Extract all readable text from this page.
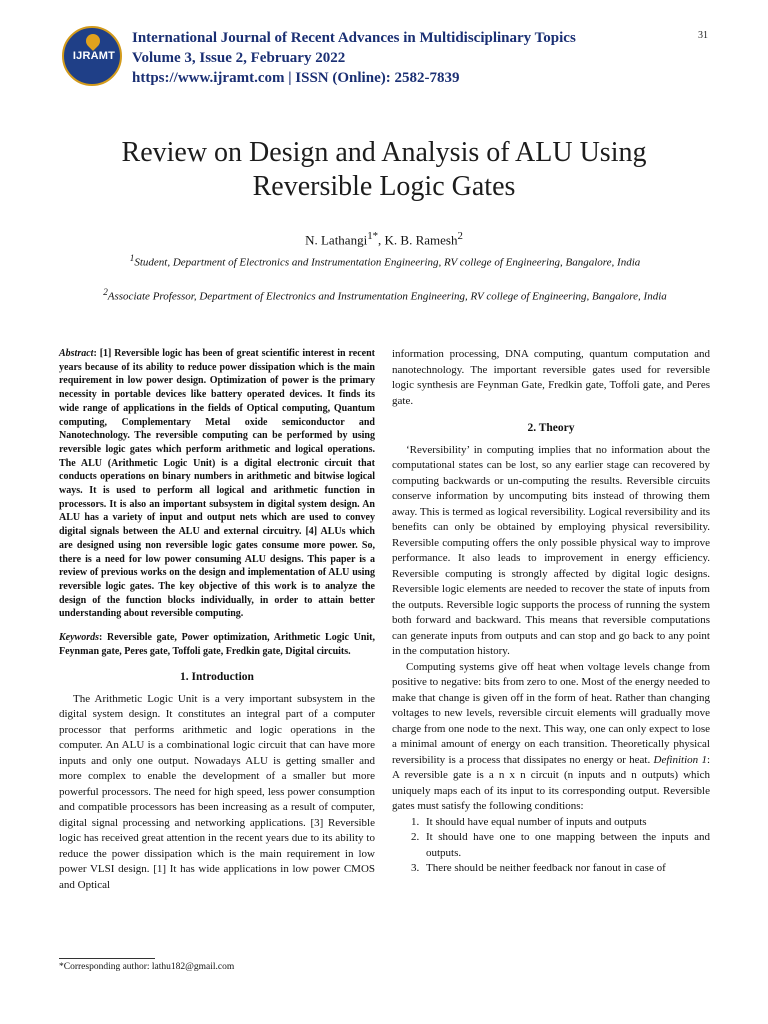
IJRAMT
International Journal of Recent Advances in Multidisciplinary Topics
Volume 3, Issue 2, February 2022
https://www.ijramt.com | ISSN (Online): 2582-7839
31
Review on Design and Analysis of ALU Using
Reversible Logic Gates
N. Lathangi$^{1*}$, K. B. Ramesh$^2$
$^1$Student, Department of Electronics and Instrumentation Engineering, RV college of Engineering, Bangalore, India
$^2$Associate Professor, Department of Electronics and Instrumentation Engineering, RV college of Engineering, Bangalore, India

Abstract: [1] Reversible logic has been of great scientific interest in recent years because of its ability to reduce power dissipation which is the main requirement in low power design. Optimization of power is the primary necessity in portable devices like battery operated devices. It finds its wide range of applications in the fields of Optical computing, Quantum computing, Complementary Metal oxide semiconductor and Nanotechnology. The reversible computing can be performed by using reversible logic gates which perform arithmetic and logical operations. The ALU (Arithmetic Logic Unit) is a digital electronic circuit that conducts operations on binary numbers in arithmetic and bitwise logical ways. It is used to perform all logical and arithmetic function in processors. It is also an important subsystem in digital system design. An ALU has a variety of input and output nets which are used to convey digital signals between the ALU and external circuitry. [4] ALUs which are designed using non reversible logic gates consume more power. So, there is a need for low power consuming ALU designs. This paper is a review of previous works on the design and implementation of ALU using reversible logic gates. The key objective of this work is to analyze the design of the function blocks individually, in order to attain better understanding about reversible computing.

Keywords: Reversible gate, Power optimization, Arithmetic Logic Unit, Feynman gate, Peres gate, Toffoli gate, Fredkin gate, Digital circuits.

1. Introduction

The Arithmetic Logic Unit is a very important subsystem in the digital system design. It constitutes an integral part of a computer processor that performs arithmetic and logic operations in the computer. An ALU is a combinational logic circuit that can have more inputs and only one output. Nowadays ALU is getting smaller and more complex to enable the development of a smaller but more powerful processors. The need for high speed, less power consumption and compatible processors has been increasing as a result of computer, digital signal processing and networking applications. [3] Reversible logic has received great attention in the recent years due to its ability to reduce the power dissipation which is the main requirement in low power VLSI design. [1] It has wide applications in low power CMOS and Optical

information processing, DNA computing, quantum computation and nanotechnology. The important reversible gates used for reversible logic synthesis are Feynman Gate, Fredkin gate, Toffoli gate, and Peres gate.

2. Theory

‘Reversibility’ in computing implies that no information about the computational states can be lost, so any earlier stage can recovered by computing backwards or un-computing the results. Reversible circuits conserve information by uncomputing bits instead of throwing them away. This is termed as logical reversibility. Logical reversibility and its benefits can only be obtained by employing physical reversibility. Reversible computing offers the only possible physical way to improve performance. It also leads to improvement in energy efficiency. Reversible computing is strongly affected by digital logic designs. Reversible logic elements are needed to recover the state of inputs from the outputs. Reversible logic supports the process of running the system both forward and backward. This means that reversible computations can generate inputs from outputs and can stop and go back to any point in the computation history.

Computing systems give off heat when voltage levels change from positive to negative: bits from zero to one. Most of the energy needed to make that change is given off in the form of heat. Rather than changing voltages to new levels, reversible circuit elements will gradually move charge from one node to the next. This way, one can only expect to lose a minimal amount of energy on each transition. Theoretically physical reversibility is a process that dissipates no energy or heat. Definition 1: A reversible gate is a n x n circuit (n inputs and n outputs) which uniquely maps each of its input to its corresponding output. Reversible gates must satisfy the following conditions:

1. It should have equal number of inputs and outputs
2. It should have one to one mapping between the inputs and outputs.
3. There should be neither feedback nor fanout in case of
*Corresponding author: lathu182@gmail.com
